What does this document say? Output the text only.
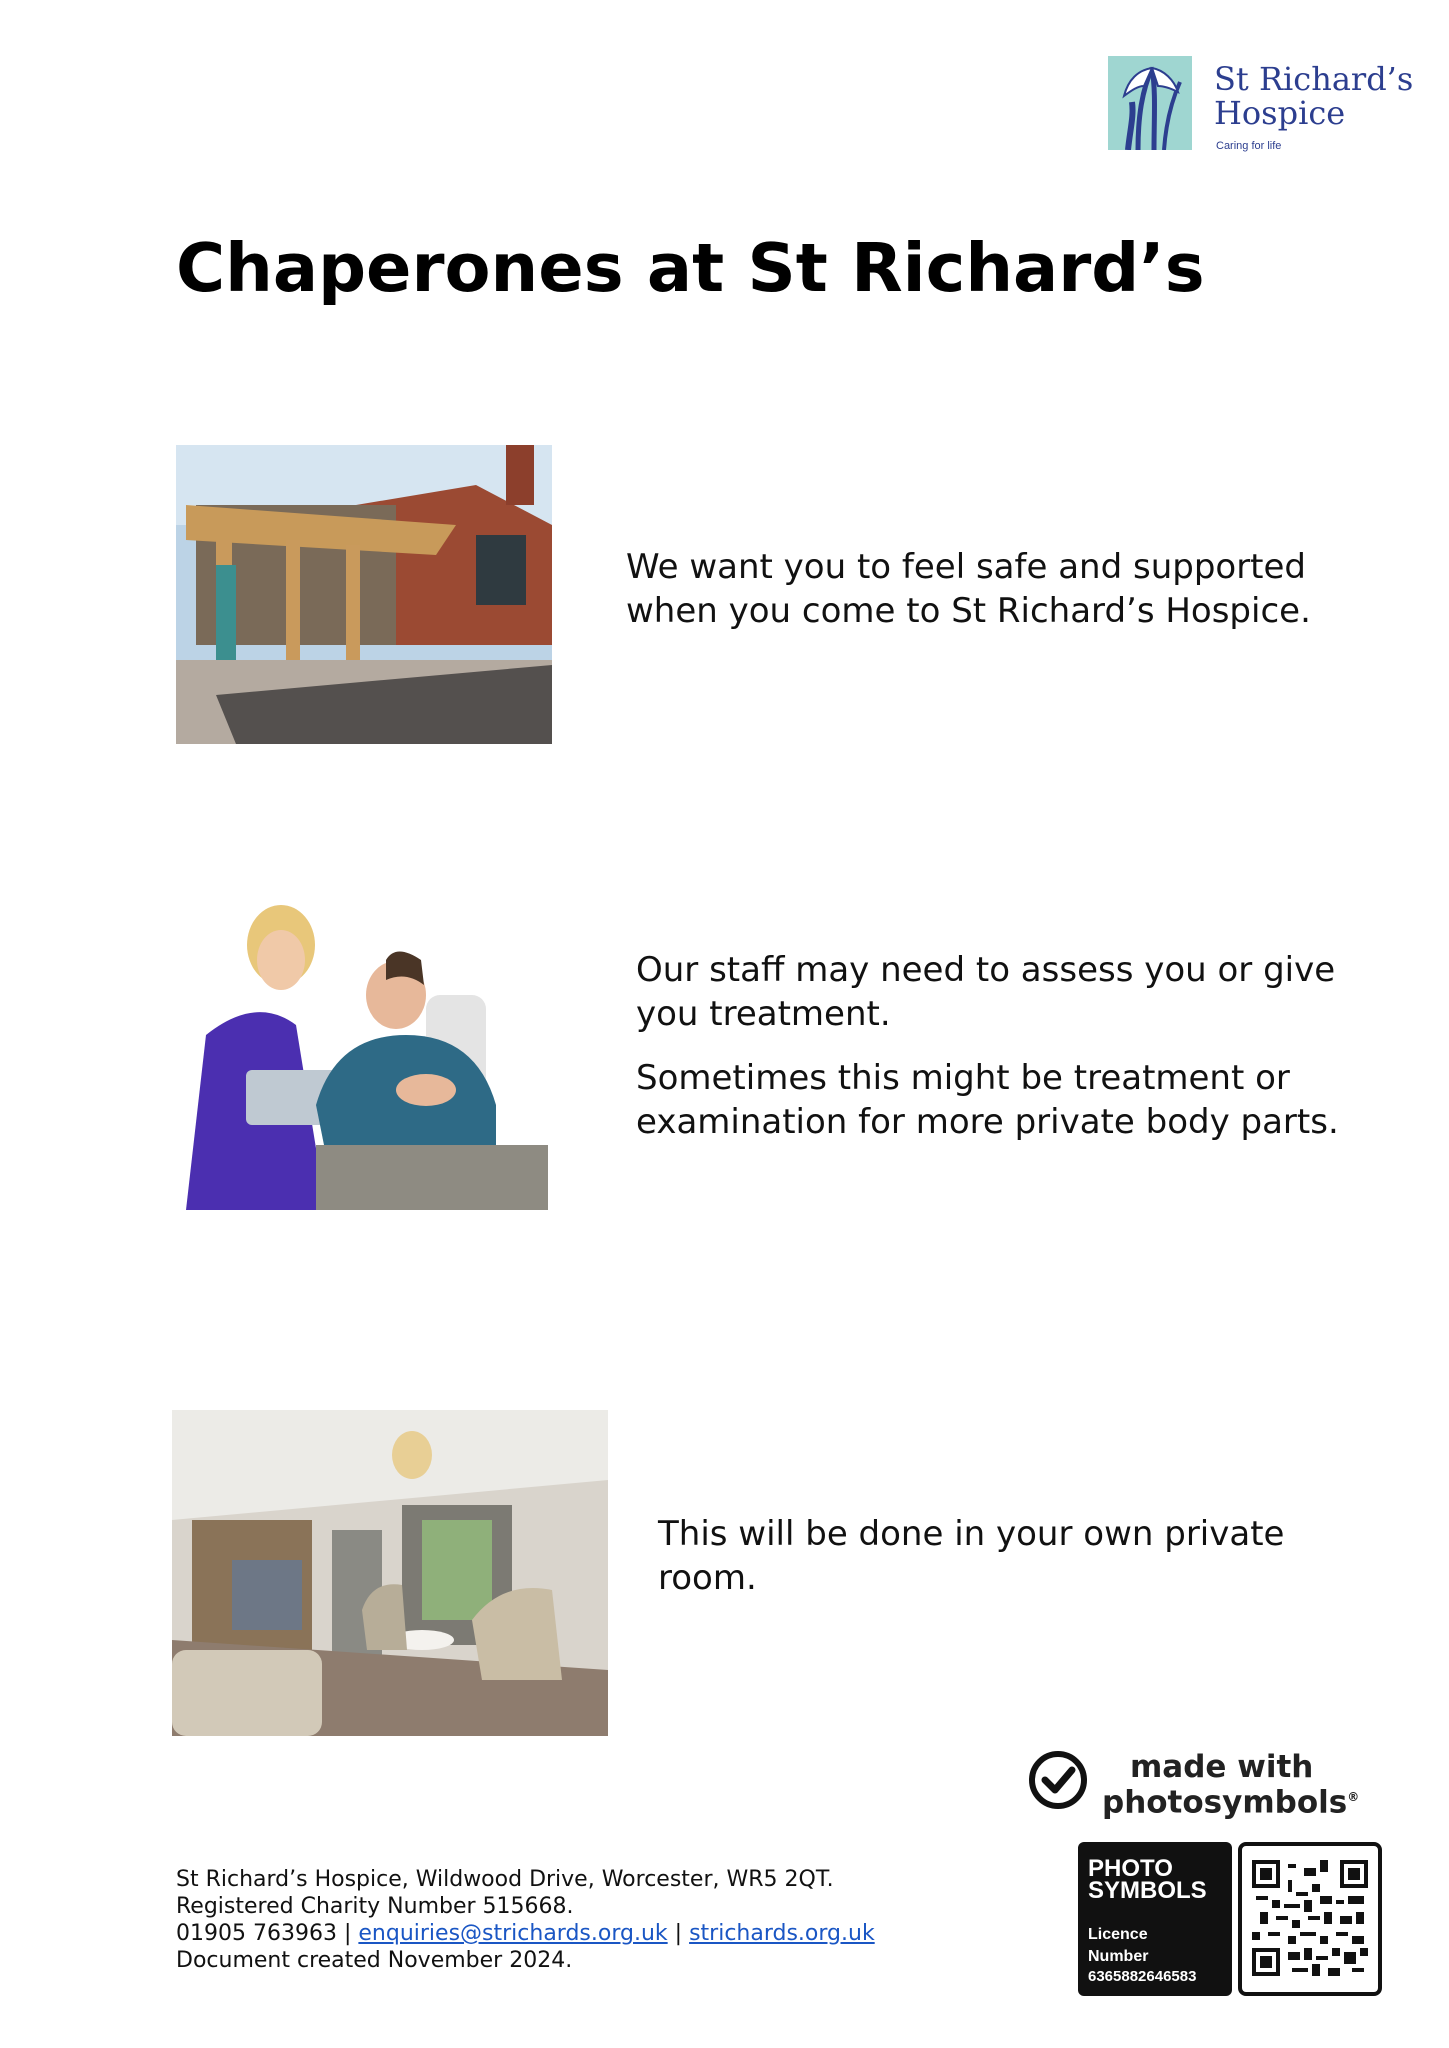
St Richard’s
Hospice
Caring for life
Chaperones at St Richard’s

We want you to feel safe and supported when you come to St Richard’s Hospice.

Our staff may need to assess you or give you treatment.

Sometimes this might be treatment or examination for more private body parts.

This will be done in your own private room.

made with
photosymbols®
PHOTO
SYMBOLS
Licence
Number
6365882646583
St Richard’s Hospice, Wildwood Drive, Worcester, WR5 2QT.
Registered Charity Number 515668.
01905 763963 | enquiries@strichards.org.uk | strichards.org.uk
Document created November 2024.
